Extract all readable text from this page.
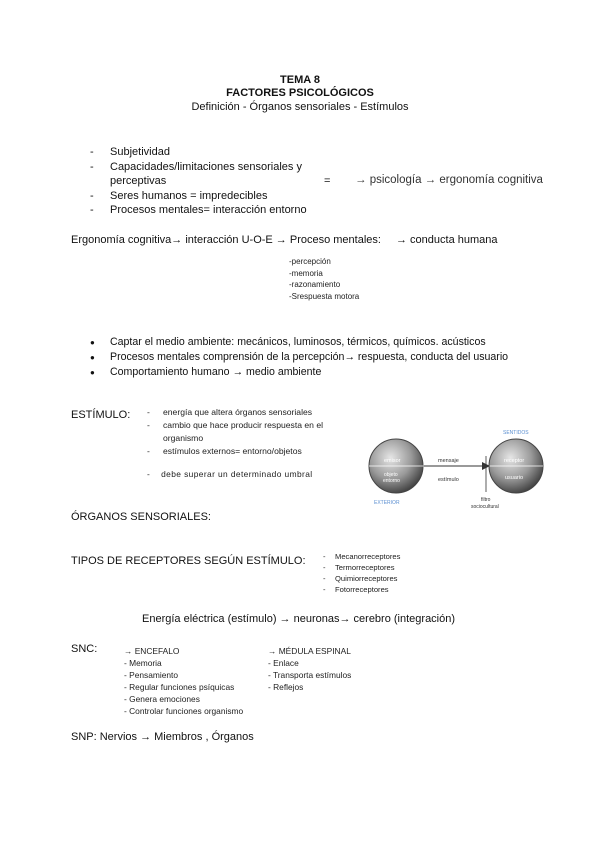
TEMA 8
FACTORES PSICOLÓGICOS
Definición - Órganos sensoriales - Estímulos
- Subjetividad
- Capacidades/limitaciones sensoriales y
perceptivas
- Seres humanos = impredecibles
- Procesos mentales= interacción entorno
= → psicología → ergonomía cognitiva
Ergonomía cognitiva→ interacción U-O-E → Proceso mentales: → conducta humana
-percepción
-memoria
-razonamiento
-Srespuesta motora
● Captar el medio ambiente: mecánicos, luminosos, térmicos, químicos. acústicos
● Procesos mentales comprensión de la percepción→ respuesta, conducta del usuario
● Comportamiento humano → medio ambiente
ESTÍMULO:	- energía que altera órganos sensoriales
- cambio que hace producir respuesta en el
organismo
- estímulos externos= entorno/objetos
-    debe superar un determinado umbral
emisor
objeto
entorno
EXTERIOR
mensaje
estímulo
receptor
usuario
SENTIDOS
filtro
sociocultural
ÓRGANOS SENSORIALES:
TIPOS DE RECEPTORES SEGÚN ESTÍMULO:	- Mecanorreceptores
- Termorreceptores
- Quimiorreceptores
- Fotorreceptores
Energía eléctrica (estímulo) → neuronas→ cerebro (integración)
SNC:	→ ENCEFALO
- Memoria
- Pensamiento
- Regular funciones psíquicas
- Genera emociones
- Controlar funciones organismo
→ MÉDULA ESPINAL
- Enlace
- Transporta estímulos
- Reflejos
SNP: Nervios → Miembros , Órganos
